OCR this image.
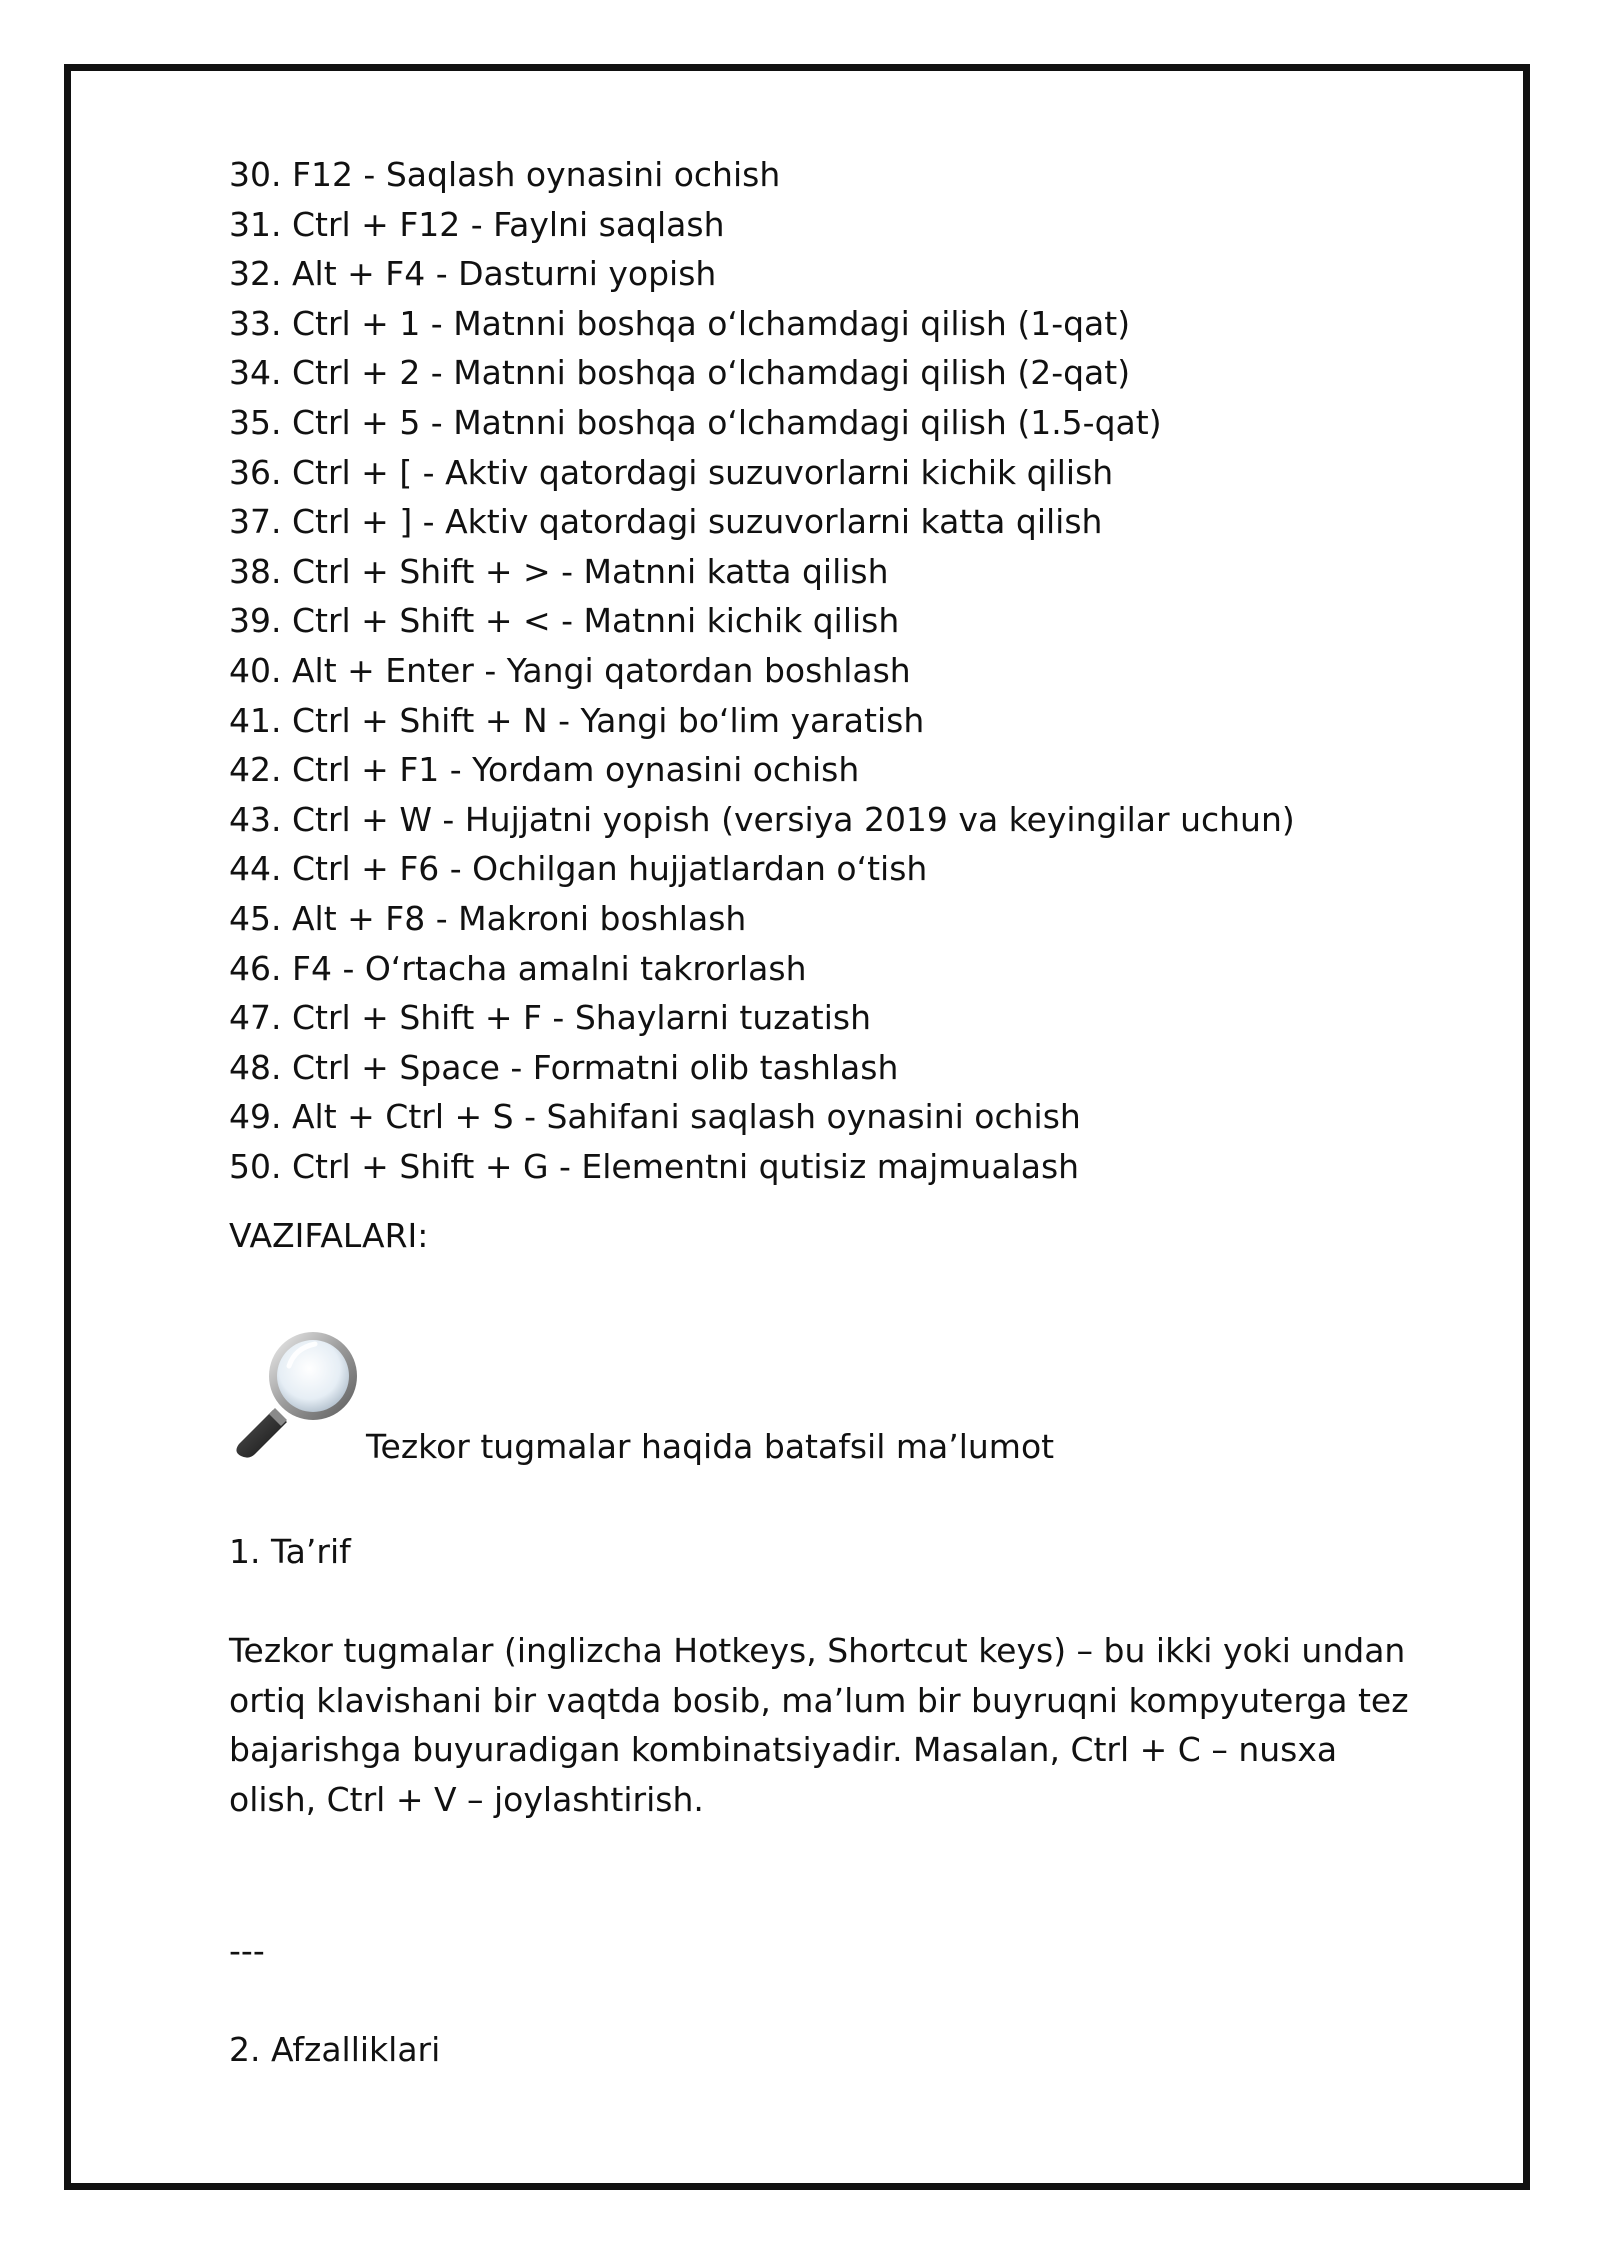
30. F12 - Saqlash oynasini ochish
31. Ctrl + F12 - Faylni saqlash
32. Alt + F4 - Dasturni yopish
33. Ctrl + 1 - Matnni boshqa o‘lchamdagi qilish (1-qat)
34. Ctrl + 2 - Matnni boshqa o‘lchamdagi qilish (2-qat)
35. Ctrl + 5 - Matnni boshqa o‘lchamdagi qilish (1.5-qat)
36. Ctrl + [ - Aktiv qatordagi suzuvorlarni kichik qilish
37. Ctrl + ] - Aktiv qatordagi suzuvorlarni katta qilish
38. Ctrl + Shift + > - Matnni katta qilish
39. Ctrl + Shift + < - Matnni kichik qilish
40. Alt + Enter - Yangi qatordan boshlash
41. Ctrl + Shift + N - Yangi bo‘lim yaratish
42. Ctrl + F1 - Yordam oynasini ochish
43. Ctrl + W - Hujjatni yopish (versiya 2019 va keyingilar uchun)
44. Ctrl + F6 - Ochilgan hujjatlardan o‘tish
45. Alt + F8 - Makroni boshlash
46. F4 - O‘rtacha amalni takrorlash
47. Ctrl + Shift + F - Shaylarni tuzatish
48. Ctrl + Space - Formatni olib tashlash
49. Alt + Ctrl + S - Sahifani saqlash oynasini ochish
50. Ctrl + Shift + G - Elementni qutisiz majmualash
VAZIFALARI:
Tezkor tugmalar haqida batafsil ma’lumot

1. Ta’rif

Tezkor tugmalar (inglizcha Hotkeys, Shortcut keys) – bu ikki yoki undan ortiq klavishani bir vaqtda bosib, ma’lum bir buyruqni kompyuterga tez bajarishga buyuradigan kombinatsiyadir. Masalan, Ctrl + C – nusxa olish, Ctrl + V – joylashtirish.

---

2. Afzalliklari
